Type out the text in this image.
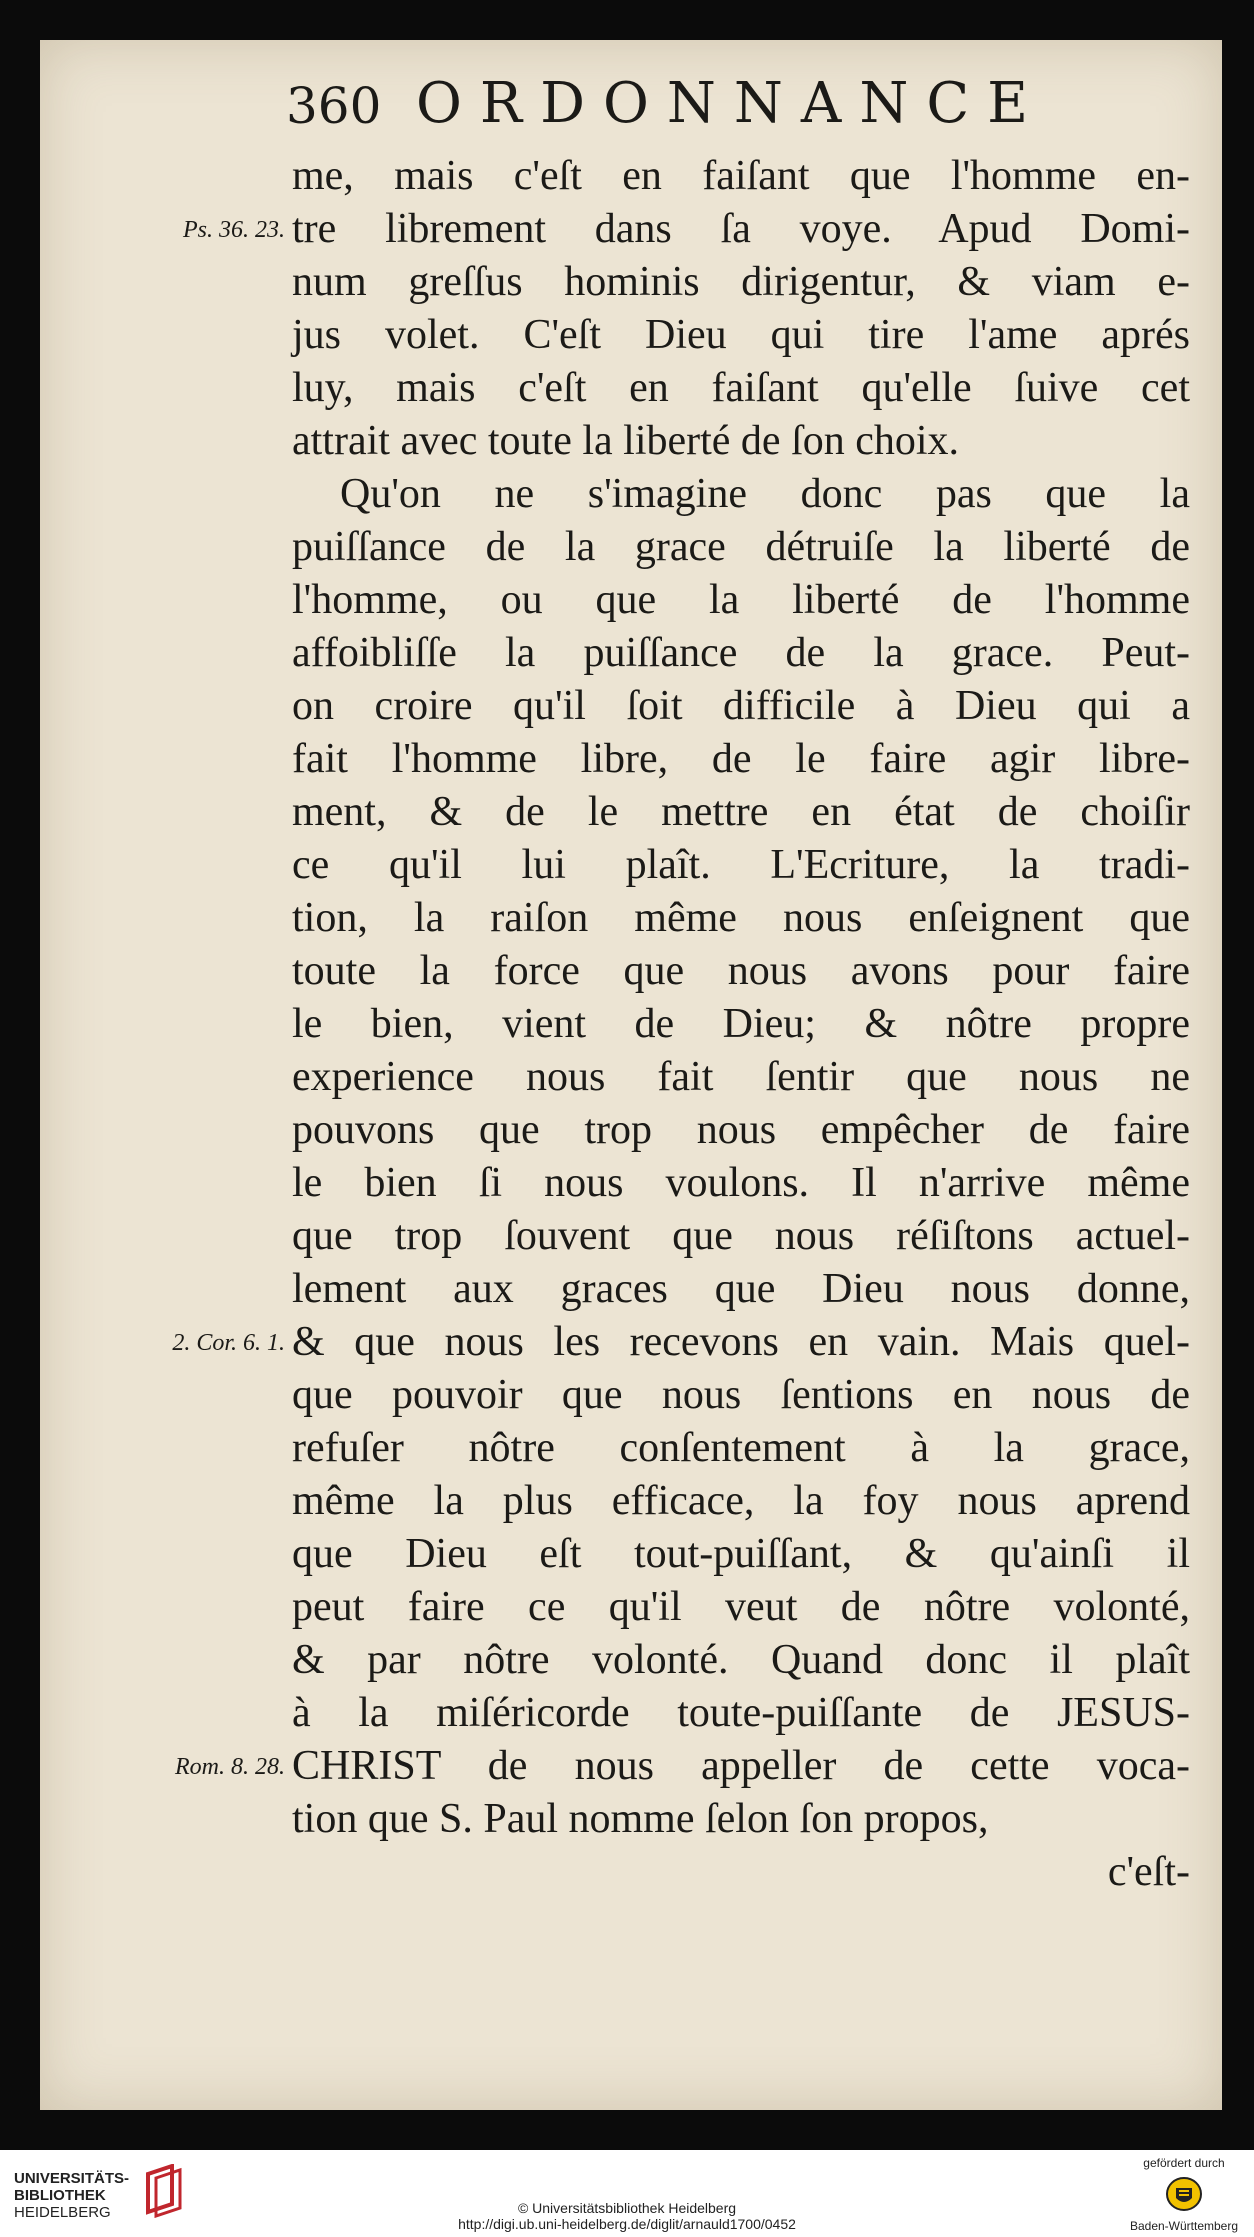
360 ORDONNANCE
me, mais c'eſt en faiſant que l'homme en-
tre librement dans ſa voye. Apud Domi-
num greſſus hominis dirigentur, & viam e-
jus volet. C'eſt Dieu qui tire l'ame aprés
luy, mais c'eſt en faiſant qu'elle ſuive cet
attrait avec toute la liberté de ſon choix.
Qu'on ne s'imagine donc pas que la
puiſſance de la grace détruiſe la liberté de
l'homme, ou que la liberté de l'homme
affoibliſſe la puiſſance de la grace. Peut-
on croire qu'il ſoit difficile à Dieu qui a
fait l'homme libre, de le faire agir libre-
ment, & de le mettre en état de choiſir
ce qu'il lui plaît. L'Ecriture, la tradi-
tion, la raiſon même nous enſeignent que
toute la force que nous avons pour faire
le bien, vient de Dieu; & nôtre propre
experience nous fait ſentir que nous ne
pouvons que trop nous empêcher de faire
le bien ſi nous voulons. Il n'arrive même
que trop ſouvent que nous réſiſtons actuel-
lement aux graces que Dieu nous donne,
& que nous les recevons en vain. Mais quel-
que pouvoir que nous ſentions en nous de
refuſer nôtre conſentement à la grace,
même la plus efficace, la foy nous aprend
que Dieu eſt tout-puiſſant, & qu'ainſi il
peut faire ce qu'il veut de nôtre volonté,
& par nôtre volonté. Quand donc il plaît
à la miſéricorde toute-puiſſante de JESUS-
CHRIST de nous appeller de cette voca-
tion que S. Paul nomme ſelon ſon propos,
c'eſt-
Ps. 36. 23.
2. Cor. 6. 1.
Rom. 8. 28.
UNIVERSITÄTS-
BIBLIOTHEK
HEIDELBERG	© Universitätsbibliothek Heidelberg
http://digi.ub.uni-heidelberg.de/diglit/arnauld1700/0452
gefördert durch
Baden-Württemberg
